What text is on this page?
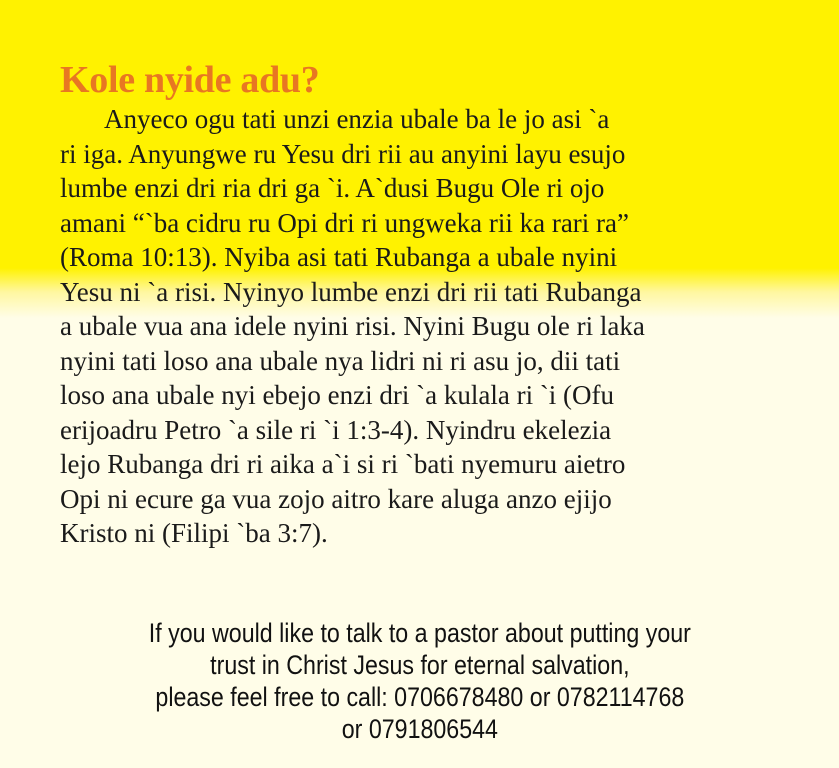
Kole nyide adu?
Anyeco ogu tati unzi enzia ubale ba le jo asi `a
ri iga. Anyungwe ru Yesu dri rii au anyini layu esujo
lumbe enzi dri ria dri ga `i. A`dusi Bugu Ole ri ojo
amani “`ba cidru ru Opi dri ri ungweka rii ka rari ra”
(Roma 10:13). Nyiba asi tati Rubanga a ubale nyini
Yesu ni `a risi. Nyinyo lumbe enzi dri rii tati Rubanga
a ubale vua ana idele nyini risi. Nyini Bugu ole ri laka
nyini tati loso ana ubale nya lidri ni ri asu jo, dii tati
loso ana ubale nyi ebejo enzi dri `a kulala ri `i (Ofu
erijoadru Petro `a sile ri `i 1:3-4). Nyindru ekelezia
lejo Rubanga dri ri aika a`i si ri `bati nyemuru aietro
Opi ni ecure ga vua zojo aitro kare aluga anzo ejijo
Kristo ni (Filipi `ba 3:7).
If you would like to talk to a pastor about putting your
trust in Christ Jesus for eternal salvation,
please feel free to call: 0706678480 or 0782114768
or 0791806544
